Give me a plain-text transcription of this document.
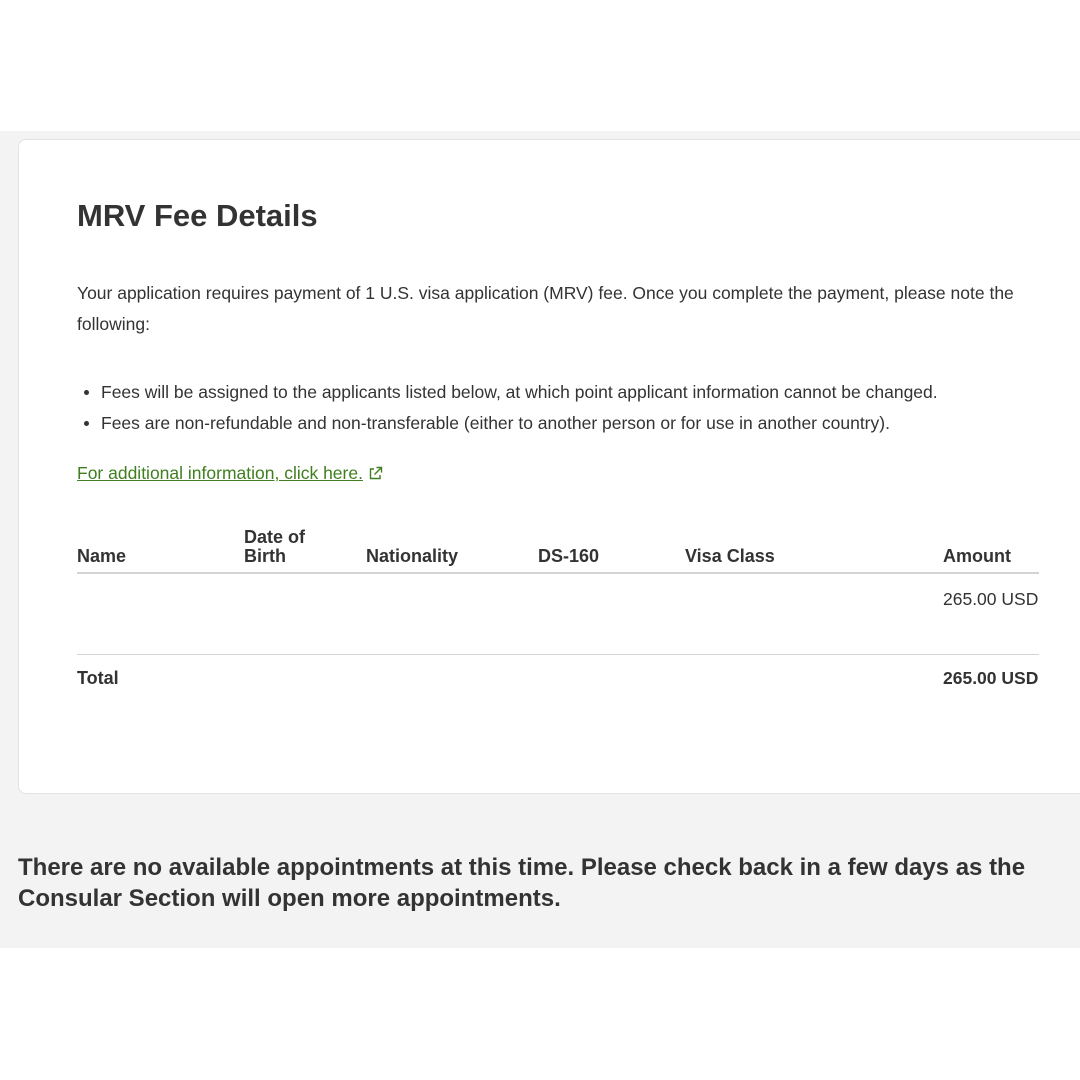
MRV Fee Details

Your application requires payment of 1 U.S. visa application (MRV) fee. Once you complete the payment, please note the following:

Fees will be assigned to the applicants listed below, at which point applicant information cannot be changed.
Fees are non-refundable and non-transferable (either to another person or for use in another country).
For additional information, click here.
Name	Date of Birth	Nationality	DS-160	Visa Class	Amount
					265.00 USD
Total					265.00 USD

There are no available appointments at this time. Please check back in a few days as the Consular Section will open more appointments.
